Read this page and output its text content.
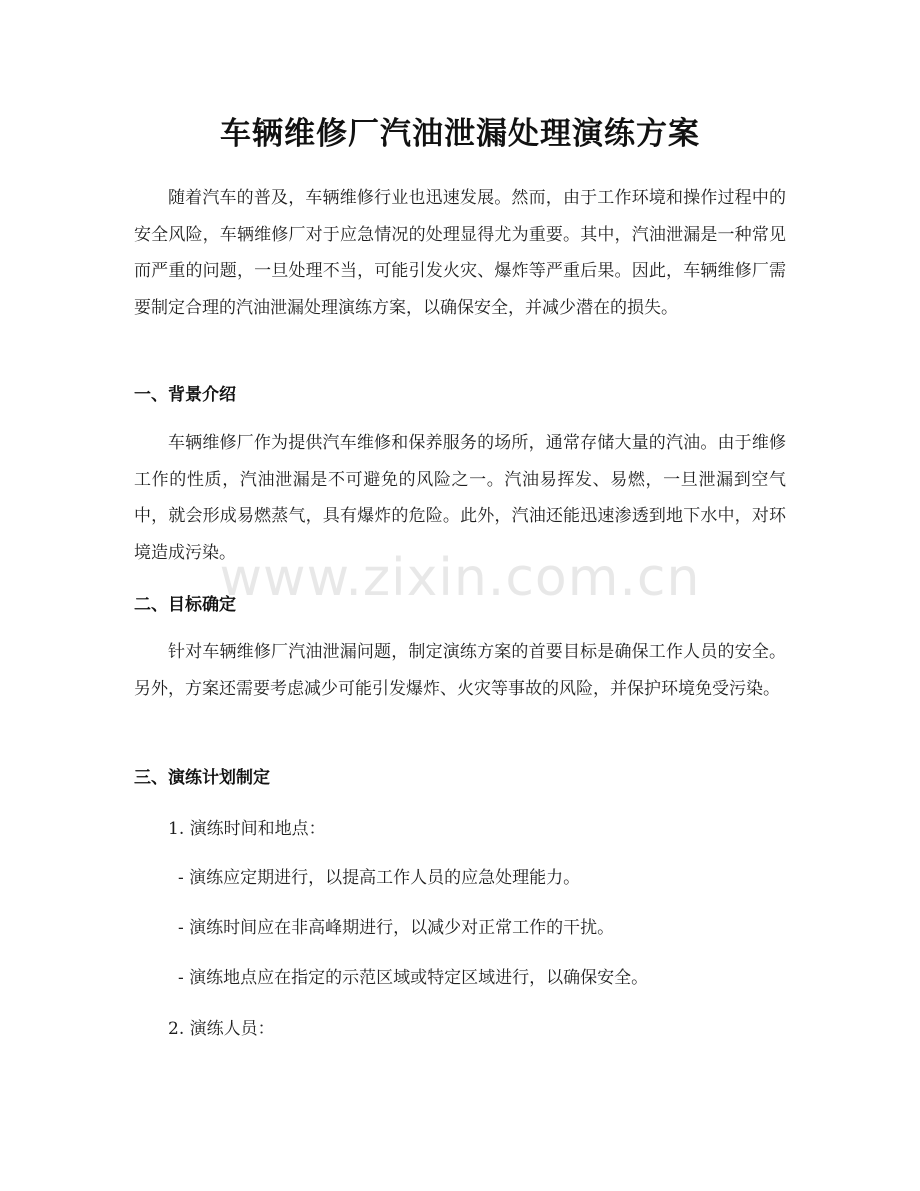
车辆维修厂汽油泄漏处理演练方案

随着汽车的普及，车辆维修行业也迅速发展。然而，由于工作环境和操作过程中的安全风险，车辆维修厂对于应急情况的处理显得尤为重要。其中，汽油泄漏是一种常见而严重的问题，一旦处理不当，可能引发火灾、爆炸等严重后果。因此，车辆维修厂需要制定合理的汽油泄漏处理演练方案，以确保安全，并减少潜在的损失。

一、背景介绍

车辆维修厂作为提供汽车维修和保养服务的场所，通常存储大量的汽油。由于维修工作的性质，汽油泄漏是不可避免的风险之一。汽油易挥发、易燃，一旦泄漏到空气中，就会形成易燃蒸气，具有爆炸的危险。此外，汽油还能迅速渗透到地下水中，对环境造成污染。

二、目标确定

针对车辆维修厂汽油泄漏问题，制定演练方案的首要目标是确保工作人员的安全。另外，方案还需要考虑减少可能引发爆炸、火灾等事故的风险，并保护环境免受污染。

三、演练计划制定

1. 演练时间和地点：

- 演练应定期进行，以提高工作人员的应急处理能力。

- 演练时间应在非高峰期进行，以减少对正常工作的干扰。

- 演练地点应在指定的示范区域或特定区域进行，以确保安全。

2. 演练人员：

www.zixin.com.cn
